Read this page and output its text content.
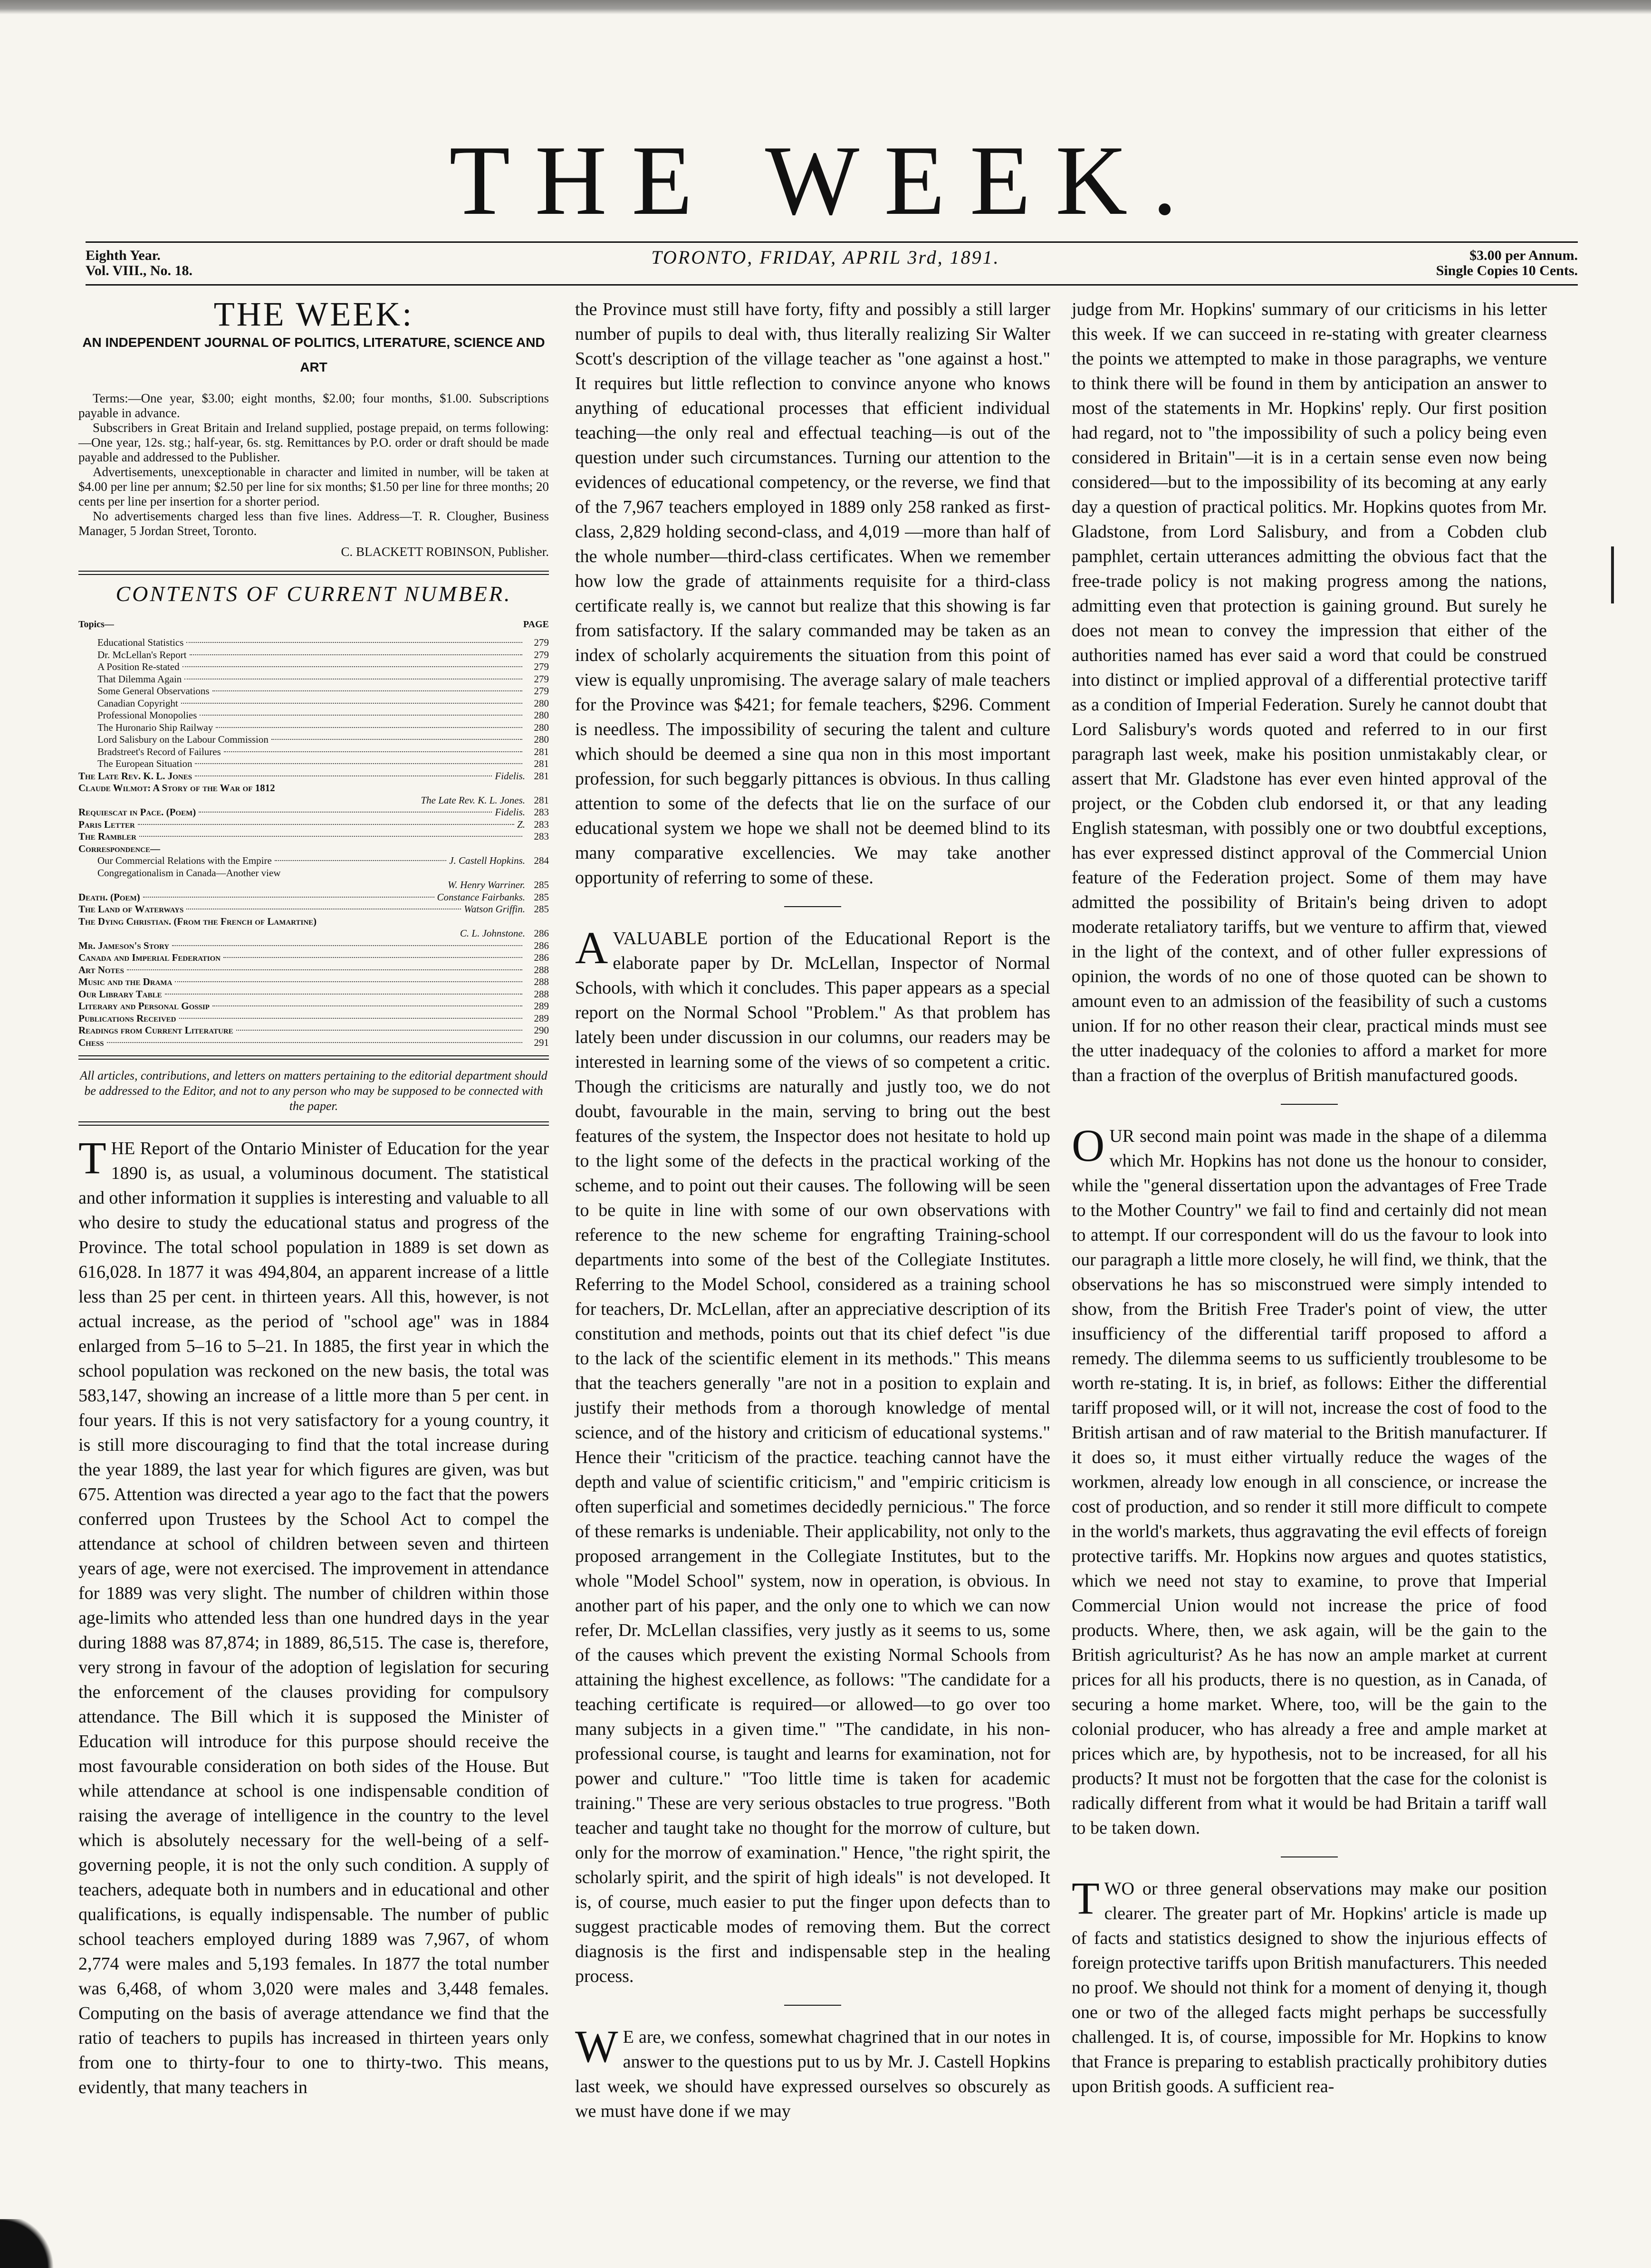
THE WEEK.
Eighth Year.
Vol. VIII., No. 18.
TORONTO, FRIDAY, APRIL 3rd, 1891.	$3.00 per Annum.
Single Copies 10 Cents.
THE WEEK:
AN INDEPENDENT JOURNAL OF POLITICS, LITERATURE, SCIENCE AND ART

Terms:—One year, $3.00; eight months, $2.00; four months, $1.00. Subscriptions payable in advance.

Subscribers in Great Britain and Ireland supplied, postage prepaid, on terms following:—One year, 12s. stg.; half-year, 6s. stg. Remittances by P.O. order or draft should be made payable and addressed to the Publisher.

Advertisements, unexceptionable in character and limited in number, will be taken at $4.00 per line per annum; $2.50 per line for six months; $1.50 per line for three months; 20 cents per line per insertion for a shorter period.

No advertisements charged less than five lines. Address—T. R. Clougher, Business Manager, 5 Jordan Street, Toronto.

C. BLACKETT ROBINSON, Publisher.
CONTENTS OF CURRENT NUMBER.
Topics—	PAGE
Educational Statistics	279
Dr. McLellan's Report	279
A Position Re-stated	279
That Dilemma Again	279
Some General Observations	279
Canadian Copyright	280
Professional Monopolies	280
The Huronario Ship Railway	280
Lord Salisbury on the Labour Commission	280
Bradstreet's Record of Failures	281
The European Situation	281
The Late Rev. K. L. Jones	Fidelis. 281
Claude Wilmot: A Story of the War of 1812
The Late Rev. K. L. Jones. 281
Requiescat in Pace. (Poem)	Fidelis. 283
Paris Letter	Z. 283
The Rambler	283
Correspondence—
Our Commercial Relations with the Empire	J. Castell Hopkins. 284
Congregationalism in Canada—Another view
W. Henry Warriner. 285
Death. (Poem)	Constance Fairbanks. 285
The Land of Waterways	Watson Griffin. 285
The Dying Christian. (From the French of Lamartine)
C. L. Johnstone. 286
Mr. Jameson's Story	286
Canada and Imperial Federation	286
Art Notes	288
Music and the Drama	288
Our Library Table	288
Literary and Personal Gossip	289
Publications Received	289
Readings from Current Literature	290
Chess	291
All articles, contributions, and letters on matters pertaining to the editorial department should be addressed to the Editor, and not to any person who may be supposed to be connected with the paper.

THE Report of the Ontario Minister of Education for the year 1890 is, as usual, a voluminous document. The statistical and other information it supplies is interesting and valuable to all who desire to study the educational status and progress of the Province. The total school population in 1889 is set down as 616,028. In 1877 it was 494,804, an apparent increase of a little less than 25 per cent. in thirteen years. All this, however, is not actual increase, as the period of "school age" was in 1884 enlarged from 5–16 to 5–21. In 1885, the first year in which the school population was reckoned on the new basis, the total was 583,147, showing an increase of a little more than 5 per cent. in four years. If this is not very satisfactory for a young country, it is still more discouraging to find that the total increase during the year 1889, the last year for which figures are given, was but 675. Attention was directed a year ago to the fact that the powers conferred upon Trustees by the School Act to compel the attendance at school of children between seven and thirteen years of age, were not exercised. The improvement in attendance for 1889 was very slight. The number of children within those age-limits who attended less than one hundred days in the year during 1888 was 87,874; in 1889, 86,515. The case is, therefore, very strong in favour of the adoption of legislation for securing the enforcement of the clauses providing for compulsory attendance. The Bill which it is supposed the Minister of Education will introduce for this purpose should receive the most favourable consideration on both sides of the House. But while attendance at school is one indispensable condition of raising the average of intelligence in the country to the level which is absolutely necessary for the well-being of a self-governing people, it is not the only such condition. A supply of teachers, adequate both in numbers and in educational and other qualifications, is equally indispensable. The number of public school teachers employed during 1889 was 7,967, of whom 2,774 were males and 5,193 females. In 1877 the total number was 6,468, of whom 3,020 were males and 3,448 females. Computing on the basis of average attendance we find that the ratio of teachers to pupils has increased in thirteen years only from one to thirty-four to one to thirty-two. This means, evidently, that many teachers in

the Province must still have forty, fifty and possibly a still larger number of pupils to deal with, thus literally realizing Sir Walter Scott's description of the village teacher as "one against a host." It requires but little reflection to convince anyone who knows anything of educational processes that efficient individual teaching—the only real and effectual teaching—is out of the question under such circumstances. Turning our attention to the evidences of educational competency, or the reverse, we find that of the 7,967 teachers employed in 1889 only 258 ranked as first-class, 2,829 holding second-class, and 4,019 —more than half of the whole number—third-class certificates. When we remember how low the grade of attainments requisite for a third-class certificate really is, we cannot but realize that this showing is far from satisfactory. If the salary commanded may be taken as an index of scholarly acquirements the situation from this point of view is equally unpromising. The average salary of male teachers for the Province was $421; for female teachers, $296. Comment is needless. The impossibility of securing the talent and culture which should be deemed a sine qua non in this most important profession, for such beggarly pittances is obvious. In thus calling attention to some of the defects that lie on the surface of our educational system we hope we shall not be deemed blind to its many comparative excellencies. We may take another opportunity of referring to some of these.

AVALUABLE portion of the Educational Report is the elaborate paper by Dr. McLellan, Inspector of Normal Schools, with which it concludes. This paper appears as a special report on the Normal School "Problem." As that problem has lately been under discussion in our columns, our readers may be interested in learning some of the views of so competent a critic. Though the criticisms are naturally and justly too, we do not doubt, favourable in the main, serving to bring out the best features of the system, the Inspector does not hesitate to hold up to the light some of the defects in the practical working of the scheme, and to point out their causes. The following will be seen to be quite in line with some of our own observations with reference to the new scheme for engrafting Training-school departments into some of the best of the Collegiate Institutes. Referring to the Model School, considered as a training school for teachers, Dr. McLellan, after an appreciative description of its constitution and methods, points out that its chief defect "is due to the lack of the scientific element in its methods." This means that the teachers generally "are not in a position to explain and justify their methods from a thorough knowledge of mental science, and of the history and criticism of educational systems." Hence their "criticism of the practice. teaching cannot have the depth and value of scientific criticism," and "empiric criticism is often superficial and sometimes decidedly pernicious." The force of these remarks is undeniable. Their applicability, not only to the proposed arrangement in the Collegiate Institutes, but to the whole "Model School" system, now in operation, is obvious. In another part of his paper, and the only one to which we can now refer, Dr. McLellan classifies, very justly as it seems to us, some of the causes which prevent the existing Normal Schools from attaining the highest excellence, as follows: "The candidate for a teaching certificate is required—or allowed—to go over too many subjects in a given time." "The candidate, in his non-professional course, is taught and learns for examination, not for power and culture." "Too little time is taken for academic training." These are very serious obstacles to true progress. "Both teacher and taught take no thought for the morrow of culture, but only for the morrow of examination." Hence, "the right spirit, the scholarly spirit, and the spirit of high ideals" is not developed. It is, of course, much easier to put the finger upon defects than to suggest practicable modes of removing them. But the correct diagnosis is the first and indispensable step in the healing process.

W E are, we confess, somewhat chagrined that in our notes in answer to the questions put to us by Mr. J. Castell Hopkins last week, we should have expressed ourselves so obscurely as we must have done if we may

judge from Mr. Hopkins' summary of our criticisms in his letter this week. If we can succeed in re-stating with greater clearness the points we attempted to make in those paragraphs, we venture to think there will be found in them by anticipation an answer to most of the statements in Mr. Hopkins' reply. Our first position had regard, not to "the impossibility of such a policy being even considered in Britain"—it is in a certain sense even now being considered—but to the impossibility of its becoming at any early day a question of practical politics. Mr. Hopkins quotes from Mr. Gladstone, from Lord Salisbury, and from a Cobden club pamphlet, certain utterances admitting the obvious fact that the free-trade policy is not making progress among the nations, admitting even that protection is gaining ground. But surely he does not mean to convey the impression that either of the authorities named has ever said a word that could be construed into distinct or implied approval of a differential protective tariff as a condition of Imperial Federation. Surely he cannot doubt that Lord Salisbury's words quoted and referred to in our first paragraph last week, make his position unmistakably clear, or assert that Mr. Gladstone has ever even hinted approval of the project, or the Cobden club endorsed it, or that any leading English statesman, with possibly one or two doubtful exceptions, has ever expressed distinct approval of the Commercial Union feature of the Federation project. Some of them may have admitted the possibility of Britain's being driven to adopt moderate retaliatory tariffs, but we venture to affirm that, viewed in the light of the context, and of other fuller expressions of opinion, the words of no one of those quoted can be shown to amount even to an admission of the feasibility of such a customs union. If for no other reason their clear, practical minds must see the utter inadequacy of the colonies to afford a market for more than a fraction of the overplus of British manufactured goods.

OUR second main point was made in the shape of a dilemma which Mr. Hopkins has not done us the honour to consider, while the "general dissertation upon the advantages of Free Trade to the Mother Country" we fail to find and certainly did not mean to attempt. If our correspondent will do us the favour to look into our paragraph a little more closely, he will find, we think, that the observations he has so misconstrued were simply intended to show, from the British Free Trader's point of view, the utter insufficiency of the differential tariff proposed to afford a remedy. The dilemma seems to us sufficiently troublesome to be worth re-stating. It is, in brief, as follows: Either the differential tariff proposed will, or it will not, increase the cost of food to the British artisan and of raw material to the British manufacturer. If it does so, it must either virtually reduce the wages of the workmen, already low enough in all conscience, or increase the cost of production, and so render it still more difficult to compete in the world's markets, thus aggravating the evil effects of foreign protective tariffs. Mr. Hopkins now argues and quotes statistics, which we need not stay to examine, to prove that Imperial Commercial Union would not increase the price of food products. Where, then, we ask again, will be the gain to the British agriculturist? As he has now an ample market at current prices for all his products, there is no question, as in Canada, of securing a home market. Where, too, will be the gain to the colonial producer, who has already a free and ample market at prices which are, by hypothesis, not to be increased, for all his products? It must not be forgotten that the case for the colonist is radically different from what it would be had Britain a tariff wall to be taken down.

TWO or three general observations may make our position clearer. The greater part of Mr. Hopkins' article is made up of facts and statistics designed to show the injurious effects of foreign protective tariffs upon British manufacturers. This needed no proof. We should not think for a moment of denying it, though one or two of the alleged facts might perhaps be successfully challenged. It is, of course, impossible for Mr. Hopkins to know that France is preparing to establish practically prohibitory duties upon British goods. A sufficient rea-
